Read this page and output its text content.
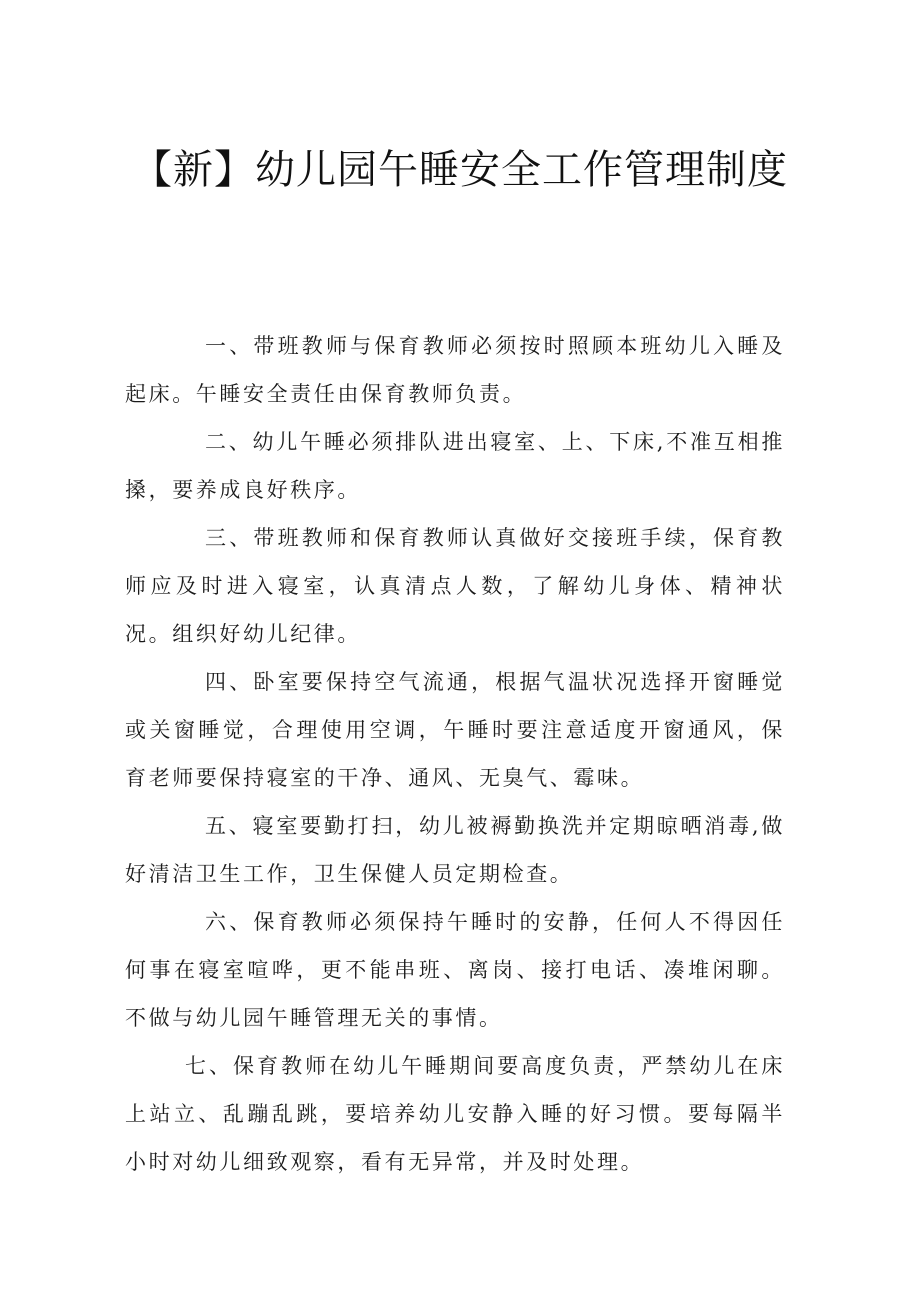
【新】幼儿园午睡安全工作管理制度

一、带班教师与保育教师必须按时照顾本班幼儿入睡及起床。午睡安全责任由保育教师负责。

二、幼儿午睡必须排队进出寝室、上、下床,不准互相推搡，要养成良好秩序。

三、带班教师和保育教师认真做好交接班手续，保育教师应及时进入寝室，认真清点人数，了解幼儿身体、精神状况。组织好幼儿纪律。

四、卧室要保持空气流通，根据气温状况选择开窗睡觉或关窗睡觉，合理使用空调，午睡时要注意适度开窗通风，保育老师要保持寝室的干净、通风、无臭气、霉味。

五、寝室要勤打扫，幼儿被褥勤换洗并定期晾晒消毒,做好清洁卫生工作，卫生保健人员定期检查。

六、保育教师必须保持午睡时的安静，任何人不得因任何事在寝室喧哗，更不能串班、离岗、接打电话、凑堆闲聊。不做与幼儿园午睡管理无关的事情。

七、保育教师在幼儿午睡期间要高度负责，严禁幼儿在床上站立、乱蹦乱跳，要培养幼儿安静入睡的好习惯。要每隔半小时对幼儿细致观察，看有无异常，并及时处理。
